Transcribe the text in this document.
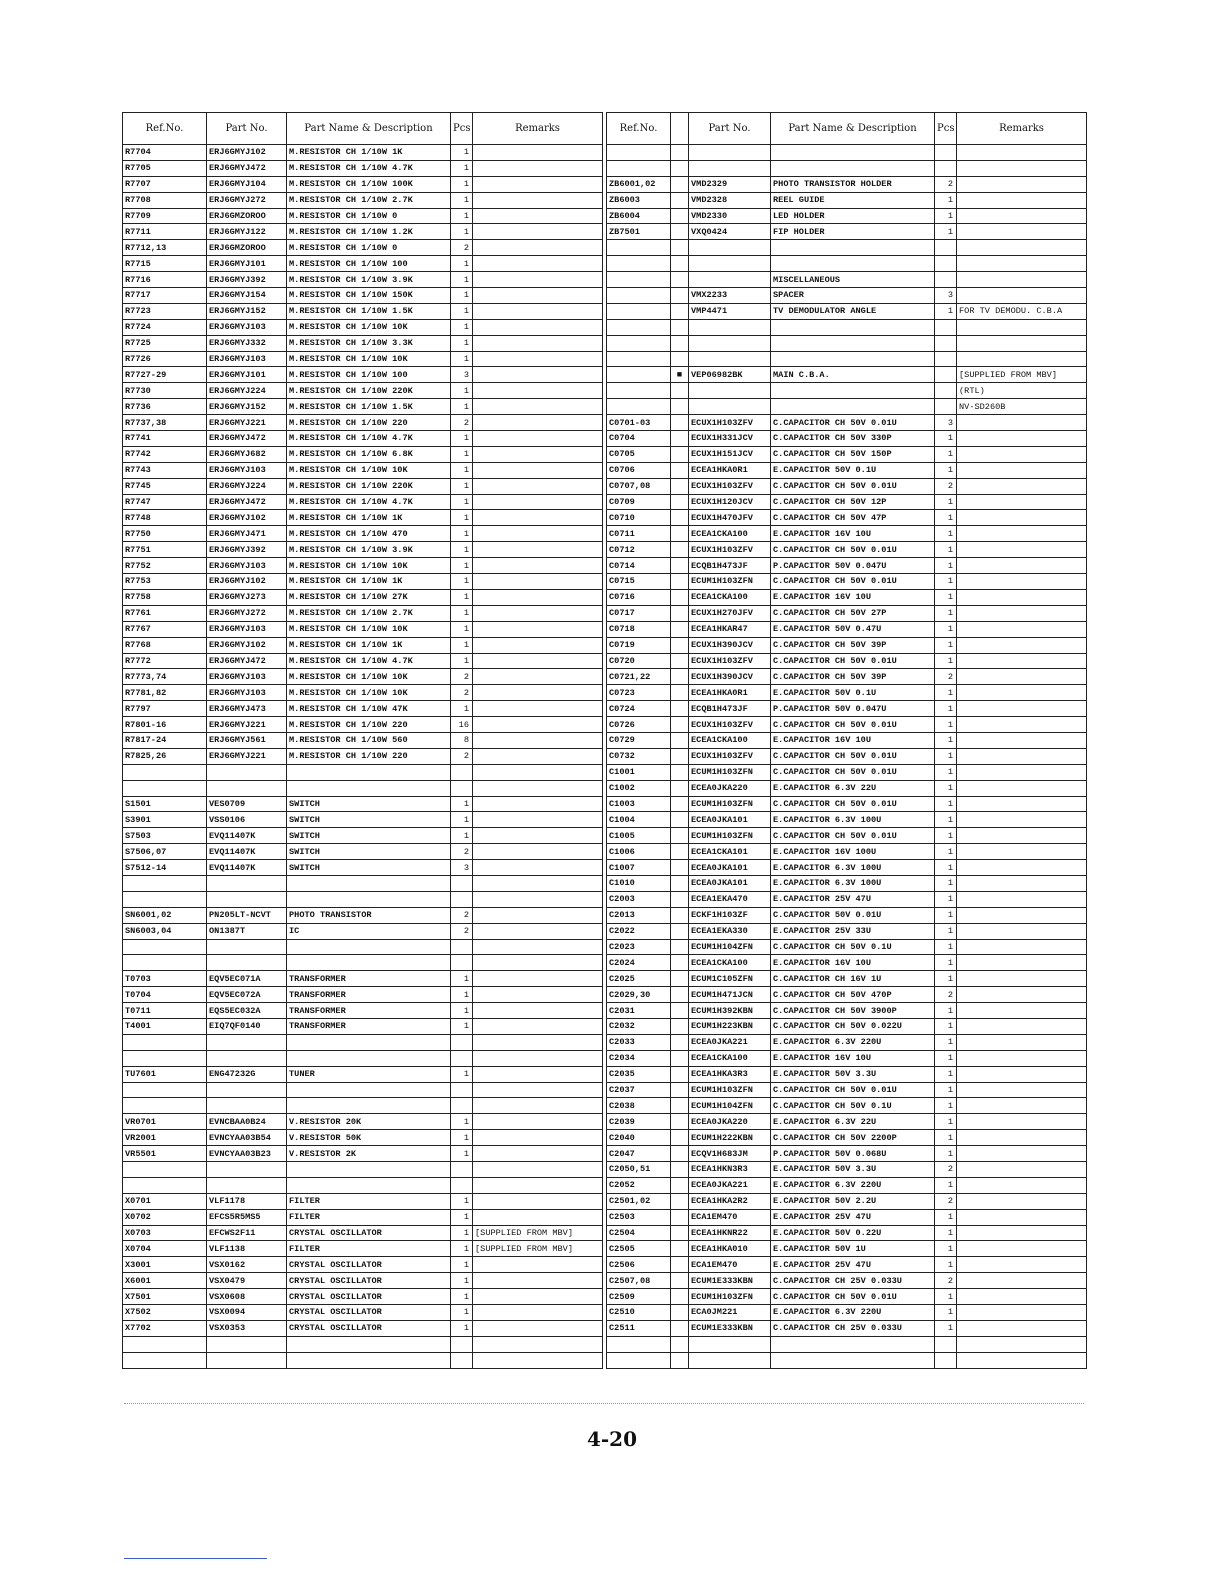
Ref.No.	Part No.	Part Name & Description	Pcs	Remarks
R7704	ERJ6GMYJ102	M.RESISTOR CH 1/10W 1K	1	
R7705	ERJ6GMYJ472	M.RESISTOR CH 1/10W 4.7K	1	
R7707	ERJ6GMYJ104	M.RESISTOR CH 1/10W 100K	1	
R7708	ERJ6GMYJ272	M.RESISTOR CH 1/10W 2.7K	1	
R7709	ERJ6GMZOROO	M.RESISTOR CH 1/10W 0	1	
R7711	ERJ6GMYJ122	M.RESISTOR CH 1/10W 1.2K	1	
R7712,13	ERJ6GMZOROO	M.RESISTOR CH 1/10W 0	2	
R7715	ERJ6GMYJ101	M.RESISTOR CH 1/10W 100	1	
R7716	ERJ6GMYJ392	M.RESISTOR CH 1/10W 3.9K	1	
R7717	ERJ6GMYJ154	M.RESISTOR CH 1/10W 150K	1	
R7723	ERJ6GMYJ152	M.RESISTOR CH 1/10W 1.5K	1	
R7724	ERJ6GMYJ103	M.RESISTOR CH 1/10W 10K	1	
R7725	ERJ6GMYJ332	M.RESISTOR CH 1/10W 3.3K	1	
R7726	ERJ6GMYJ103	M.RESISTOR CH 1/10W 10K	1	
R7727-29	ERJ6GMYJ101	M.RESISTOR CH 1/10W 100	3	
R7730	ERJ6GMYJ224	M.RESISTOR CH 1/10W 220K	1	
R7736	ERJ6GMYJ152	M.RESISTOR CH 1/10W 1.5K	1	
R7737,38	ERJ6GMYJ221	M.RESISTOR CH 1/10W 220	2	
R7741	ERJ6GMYJ472	M.RESISTOR CH 1/10W 4.7K	1	
R7742	ERJ6GMYJ682	M.RESISTOR CH 1/10W 6.8K	1	
R7743	ERJ6GMYJ103	M.RESISTOR CH 1/10W 10K	1	
R7745	ERJ6GMYJ224	M.RESISTOR CH 1/10W 220K	1	
R7747	ERJ6GMYJ472	M.RESISTOR CH 1/10W 4.7K	1	
R7748	ERJ6GMYJ102	M.RESISTOR CH 1/10W 1K	1	
R7750	ERJ6GMYJ471	M.RESISTOR CH 1/10W 470	1	
R7751	ERJ6GMYJ392	M.RESISTOR CH 1/10W 3.9K	1	
R7752	ERJ6GMYJ103	M.RESISTOR CH 1/10W 10K	1	
R7753	ERJ6GMYJ102	M.RESISTOR CH 1/10W 1K	1	
R7758	ERJ6GMYJ273	M.RESISTOR CH 1/10W 27K	1	
R7761	ERJ6GMYJ272	M.RESISTOR CH 1/10W 2.7K	1	
R7767	ERJ6GMYJ103	M.RESISTOR CH 1/10W 10K	1	
R7768	ERJ6GMYJ102	M.RESISTOR CH 1/10W 1K	1	
R7772	ERJ6GMYJ472	M.RESISTOR CH 1/10W 4.7K	1	
R7773,74	ERJ6GMYJ103	M.RESISTOR CH 1/10W 10K	2	
R7781,82	ERJ6GMYJ103	M.RESISTOR CH 1/10W 10K	2	
R7797	ERJ6GMYJ473	M.RESISTOR CH 1/10W 47K	1	
R7801-16	ERJ6GMYJ221	M.RESISTOR CH 1/10W 220	16	
R7817-24	ERJ6GMYJ561	M.RESISTOR CH 1/10W 560	8	
R7825,26	ERJ6GMYJ221	M.RESISTOR CH 1/10W 220	2	

S1501	VES0709	SWITCH	1	
S3901	VSS0106	SWITCH	1	
S7503	EVQ11407K	SWITCH	1	
S7506,07	EVQ11407K	SWITCH	2	
S7512-14	EVQ11407K	SWITCH	3	

SN6001,02	PN205LT-NCVT	PHOTO TRANSISTOR	2	
SN6003,04	ON1387T	IC	2	

T0703	EQV5EC071A	TRANSFORMER	1	
T0704	EQV5EC072A	TRANSFORMER	1	
T0711	EQS5EC032A	TRANSFORMER	1	
T4001	EIQ7QF0140	TRANSFORMER	1	

TU7601	ENG47232G	TUNER	1	

VR0701	EVNCBAA0B24	V.RESISTOR 20K	1	
VR2001	EVNCYAA03B54	V.RESISTOR 50K	1	
VR5501	EVNCYAA03B23	V.RESISTOR 2K	1	

X0701	VLF1178	FILTER	1	
X0702	EFCS5R5MS5	FILTER	1	
X0703	EFCWS2F11	CRYSTAL OSCILLATOR	1	[SUPPLIED FROM MBV]
X0704	VLF1138	FILTER	1	[SUPPLIED FROM MBV]
X3001	VSX0162	CRYSTAL OSCILLATOR	1	
X6001	VSX0479	CRYSTAL OSCILLATOR	1	
X7501	VSX0608	CRYSTAL OSCILLATOR	1	
X7502	VSX0094	CRYSTAL OSCILLATOR	1	
X7702	VSX0353	CRYSTAL OSCILLATOR	1	

Ref.No.		Part No.	Part Name & Description	Pcs	Remarks

ZB6001,02		VMD2329	PHOTO TRANSISTOR HOLDER	2	
ZB6003		VMD2328	REEL GUIDE	1	
ZB6004		VMD2330	LED HOLDER	1	
ZB7501		VXQ0424	FIP HOLDER	1	

			MISCELLANEOUS		
		VMX2233	SPACER	3	
		VMP4471	TV DEMODULATOR ANGLE	1	FOR TV DEMODU. C.B.A

	■	VEP06982BK	MAIN C.B.A.		[SUPPLIED FROM MBV]
					(RTL)
					NV-SD260B
C0701-03		ECUX1H103ZFV	C.CAPACITOR CH 50V 0.01U	3	
C0704		ECUX1H331JCV	C.CAPACITOR CH 50V 330P	1	
C0705		ECUX1H151JCV	C.CAPACITOR CH 50V 150P	1	
C0706		ECEA1HKA0R1	E.CAPACITOR 50V 0.1U	1	
C0707,08		ECUX1H103ZFV	C.CAPACITOR CH 50V 0.01U	2	
C0709		ECUX1H120JCV	C.CAPACITOR CH 50V 12P	1	
C0710		ECUX1H470JFV	C.CAPACITOR CH 50V 47P	1	
C0711		ECEA1CKA100	E.CAPACITOR 16V 10U	1	
C0712		ECUX1H103ZFV	C.CAPACITOR CH 50V 0.01U	1	
C0714		ECQB1H473JF	P.CAPACITOR 50V 0.047U	1	
C0715		ECUM1H103ZFN	C.CAPACITOR CH 50V 0.01U	1	
C0716		ECEA1CKA100	E.CAPACITOR 16V 10U	1	
C0717		ECUX1H270JFV	C.CAPACITOR CH 50V 27P	1	
C0718		ECEA1HKAR47	E.CAPACITOR 50V 0.47U	1	
C0719		ECUX1H390JCV	C.CAPACITOR CH 50V 39P	1	
C0720		ECUX1H103ZFV	C.CAPACITOR CH 50V 0.01U	1	
C0721,22		ECUX1H390JCV	C.CAPACITOR CH 50V 39P	2	
C0723		ECEA1HKA0R1	E.CAPACITOR 50V 0.1U	1	
C0724		ECQB1H473JF	P.CAPACITOR 50V 0.047U	1	
C0726		ECUX1H103ZFV	C.CAPACITOR CH 50V 0.01U	1	
C0729		ECEA1CKA100	E.CAPACITOR 16V 10U	1	
C0732		ECUX1H103ZFV	C.CAPACITOR CH 50V 0.01U	1	
C1001		ECUM1H103ZFN	C.CAPACITOR CH 50V 0.01U	1	
C1002		ECEA0JKA220	E.CAPACITOR 6.3V 22U	1	
C1003		ECUM1H103ZFN	C.CAPACITOR CH 50V 0.01U	1	
C1004		ECEA0JKA101	E.CAPACITOR 6.3V 100U	1	
C1005		ECUM1H103ZFN	C.CAPACITOR CH 50V 0.01U	1	
C1006		ECEA1CKA101	E.CAPACITOR 16V 100U	1	
C1007		ECEA0JKA101	E.CAPACITOR 6.3V 100U	1	
C1010		ECEA0JKA101	E.CAPACITOR 6.3V 100U	1	
C2003		ECEA1EKA470	E.CAPACITOR 25V 47U	1	
C2013		ECKF1H103ZF	C.CAPACITOR 50V 0.01U	1	
C2022		ECEA1EKA330	E.CAPACITOR 25V 33U	1	
C2023		ECUM1H104ZFN	C.CAPACITOR CH 50V 0.1U	1	
C2024		ECEA1CKA100	E.CAPACITOR 16V 10U	1	
C2025		ECUM1C105ZFN	C.CAPACITOR CH 16V 1U	1	
C2029,30		ECUM1H471JCN	C.CAPACITOR CH 50V 470P	2	
C2031		ECUM1H392KBN	C.CAPACITOR CH 50V 3900P	1	
C2032		ECUM1H223KBN	C.CAPACITOR CH 50V 0.022U	1	
C2033		ECEA0JKA221	E.CAPACITOR 6.3V 220U	1	
C2034		ECEA1CKA100	E.CAPACITOR 16V 10U	1	
C2035		ECEA1HKA3R3	E.CAPACITOR 50V 3.3U	1	
C2037		ECUM1H103ZFN	C.CAPACITOR CH 50V 0.01U	1	
C2038		ECUM1H104ZFN	C.CAPACITOR CH 50V 0.1U	1	
C2039		ECEA0JKA220	E.CAPACITOR 6.3V 22U	1	
C2040		ECUM1H222KBN	C.CAPACITOR CH 50V 2200P	1	
C2047		ECQV1H683JM	P.CAPACITOR 50V 0.068U	1	
C2050,51		ECEA1HKN3R3	E.CAPACITOR 50V 3.3U	2	
C2052		ECEA0JKA221	E.CAPACITOR 6.3V 220U	1	
C2501,02		ECEA1HKA2R2	E.CAPACITOR 50V 2.2U	2	
C2503		ECA1EM470	E.CAPACITOR 25V 47U	1	
C2504		ECEA1HKNR22	E.CAPACITOR 50V 0.22U	1	
C2505		ECEA1HKA010	E.CAPACITOR 50V 1U	1	
C2506		ECA1EM470	E.CAPACITOR 25V 47U	1	
C2507,08		ECUM1E333KBN	C.CAPACITOR CH 25V 0.033U	2	
C2509		ECUM1H103ZFN	C.CAPACITOR CH 50V 0.01U	1	
C2510		ECA0JM221	E.CAPACITOR 6.3V 220U	1	
C2511		ECUM1E333KBN	C.CAPACITOR CH 25V 0.033U	1	

4-20
